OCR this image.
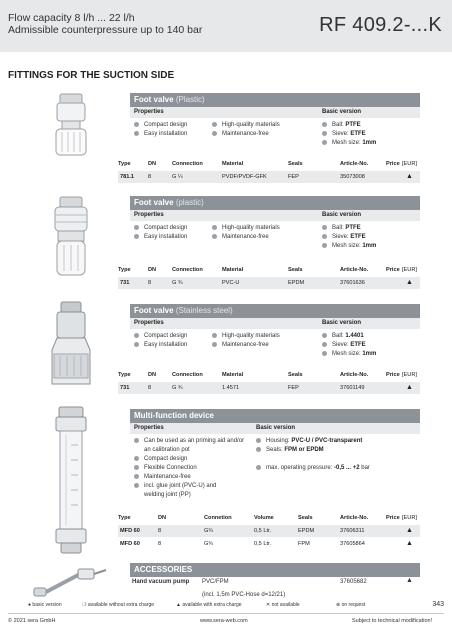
Flow capacity 8 l/h ... 22 l/h
Admissible counterpressure up to 140 bar	RF 409.2-...K
FITTINGS FOR THE SUCTION SIDE
Foot valve (Plastic)
Properties	Basic version
Compact design
Easy installation
High-quality materials
Maintenance-free
Ball: PTFE
Sieve: ETFE
Mesh size: 1mm
Type	DN	Connection	Material	Seals	Article-No.	Price [EUR]
781.1	8	G ¼	PVDF/PVDF-GFK	FEP	35073008	▲
Foot valve (plastic)
Properties	Basic version
Compact design
Easy installation
High-quality materials
Maintenance-free
Ball: PTFE
Sieve: ETFE
Mesh size: 1mm
Type	DN	Connection	Material	Seals	Article-No.	Price [EUR]
731	8	G ¾	PVC-U	EPDM	37601636	▲
Foot valve (Stainless steel)
Properties	Basic version
Compact design
Easy installation
High-quality materials
Maintenance-free
Ball: 1.4401
Sieve: ETFE
Mesh size: 1mm
Type	DN	Connection	Material	Seals	Article-No.	Price [EUR]
731	8	G ¾	1.4571	FEP	37601149	▲
Multi-function device
Properties	Basic version
Can be used as an priming aid and/or
an calibration pot
Compact design
Flexible Connection
Maintenance-free
incl. glue joint (PVC-U) and
welding joint (PP)
Housing: PVC-U / PVC-transparent
Seals: FPM or EPDM
max. operating pressure: -0,5 ... +2 bar
Type	DN	Connetion	Volume	Seals	Article-No.	Price [EUR]
MFD 60	8	G¾	0,5 Ltr.	EPDM	37606311	▲
MFD 60	8	G¾	0,5 Ltr.	FPM	37605864	▲
ACCESSORIES
Hand vacuum pump PVC/FPM
(incl. 1,5m PVC-Hose d=12/21)
37605682	▲
● basic version	❍ available without extra charge	▲ available with extra charge	✕ not available	⊕ on request	343
© 2021 sera GmbH	www.sera-web.com	Subject to technical modification!
